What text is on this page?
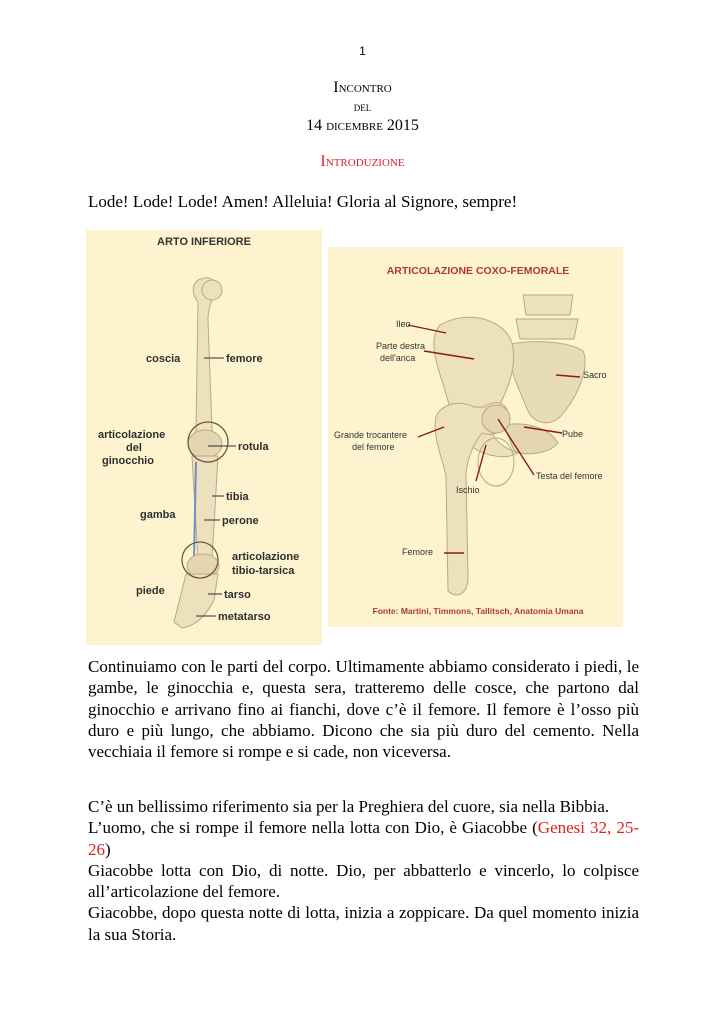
1
Incontro
del
14 dicembre 2015
Introduzione
Lode! Lode! Lode! Amen! Alleluia! Gloria al Signore, sempre!
ARTO INFERIORE
coscia	femore
articolazione
del
ginocchio
rotula
tibia
gamba	perone
articolazione
tibio-tarsica
piede	tarso
metatarso
ARTICOLAZIONE COXO-FEMORALE
Ileo
Parte destra
dell'anca
Sacro
Grande trocantere
del femore
Pube
Testa del femore
Ischio
Femore
Fonte: Martini, Timmons, Tallitsch, Anatomia Umana

Continuiamo con le parti del corpo. Ultimamente abbiamo considerato i piedi, le gambe, le ginocchia e, questa sera, tratteremo delle cosce, che partono dal ginocchio e arrivano fino ai fianchi, dove c’è il femore. Il femore è l’osso più duro e più lungo, che abbiamo. Dicono che sia più duro del cemento. Nella vecchiaia il femore si rompe e si cade, non viceversa.

C’è un bellissimo riferimento sia per la Preghiera del cuore, sia nella Bibbia.

L’uomo, che si rompe il femore nella lotta con Dio, è Giacobbe (Genesi 32, 25-26)

Giacobbe lotta con Dio, di notte. Dio, per abbatterlo e vincerlo, lo colpisce all’articolazione del femore.

Giacobbe, dopo questa notte di lotta, inizia a zoppicare. Da quel momento inizia la sua Storia.
